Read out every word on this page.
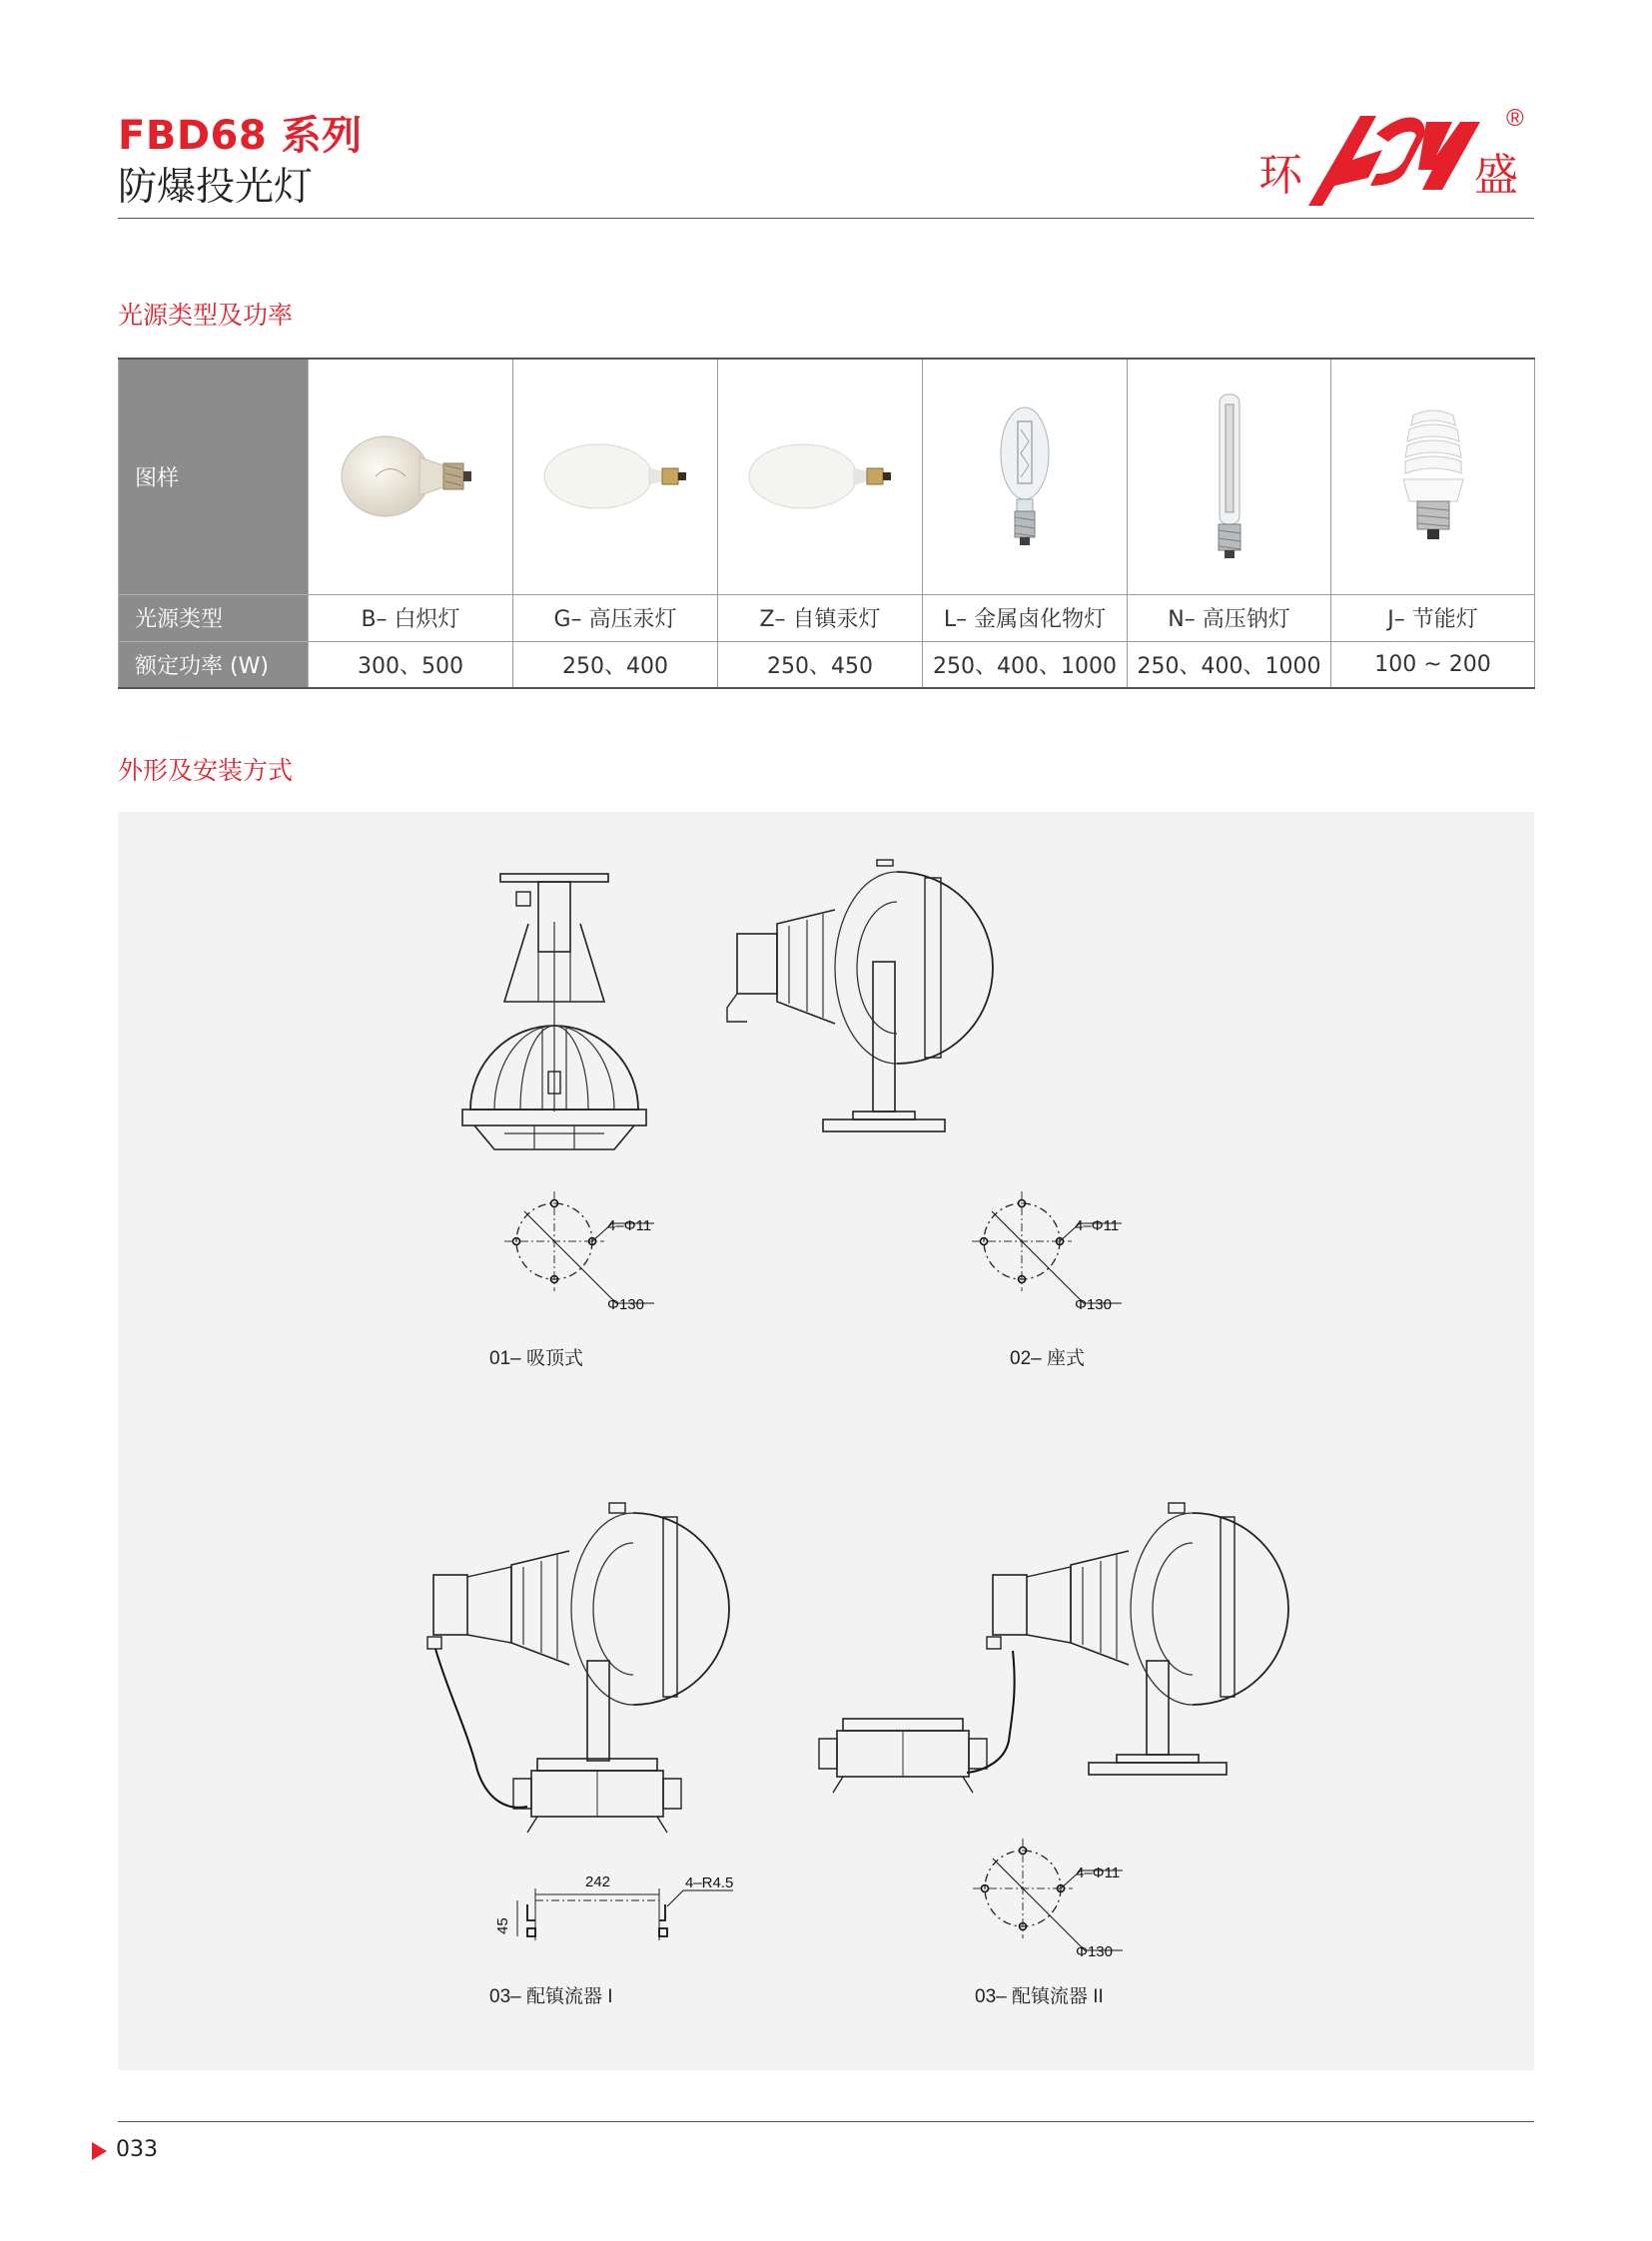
FBD68 系列
防爆投光灯	环	盛
®
光源类型及功率
图样	

光源类型	B– 白炽灯	G– 高压汞灯	Z– 自镇汞灯	L– 金属卤化物灯	N– 高压钠灯	J– 节能灯
额定功率 (W)	300、500	250、400	250、450	250、400、1000	250、400、1000	100 ~ 200
外形及安装方式
4–Φ11
Φ130
01– 吸顶式
4–Φ11
Φ130
02– 座式
242
45
4–R4.5
03– 配镇流器 I
4–Φ11
Φ130
03– 配镇流器 II
033
